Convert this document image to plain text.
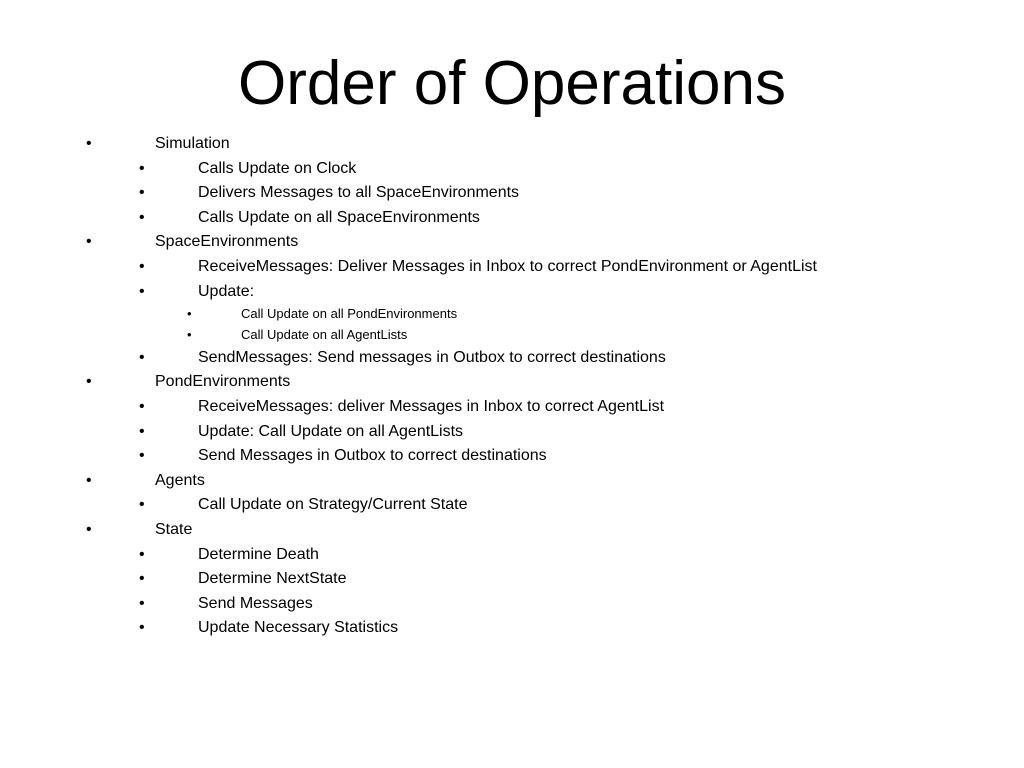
Order of Operations
•	Simulation
•	Calls Update on Clock
•	Delivers Messages to all SpaceEnvironments
•	Calls Update on all SpaceEnvironments
•	SpaceEnvironments
•	ReceiveMessages: Deliver Messages in Inbox to correct PondEnvironment or AgentList
•	Update:
•	Call Update on all PondEnvironments
•	Call Update on all AgentLists
•	SendMessages: Send messages in Outbox to correct destinations
•	PondEnvironments
•	ReceiveMessages: deliver Messages in Inbox to correct AgentList
•	Update: Call Update on all AgentLists
•	Send Messages in Outbox to correct destinations
•	Agents
•	Call Update on Strategy/Current State
•	State
•	Determine Death
•	Determine NextState
•	Send Messages
•	Update Necessary Statistics
